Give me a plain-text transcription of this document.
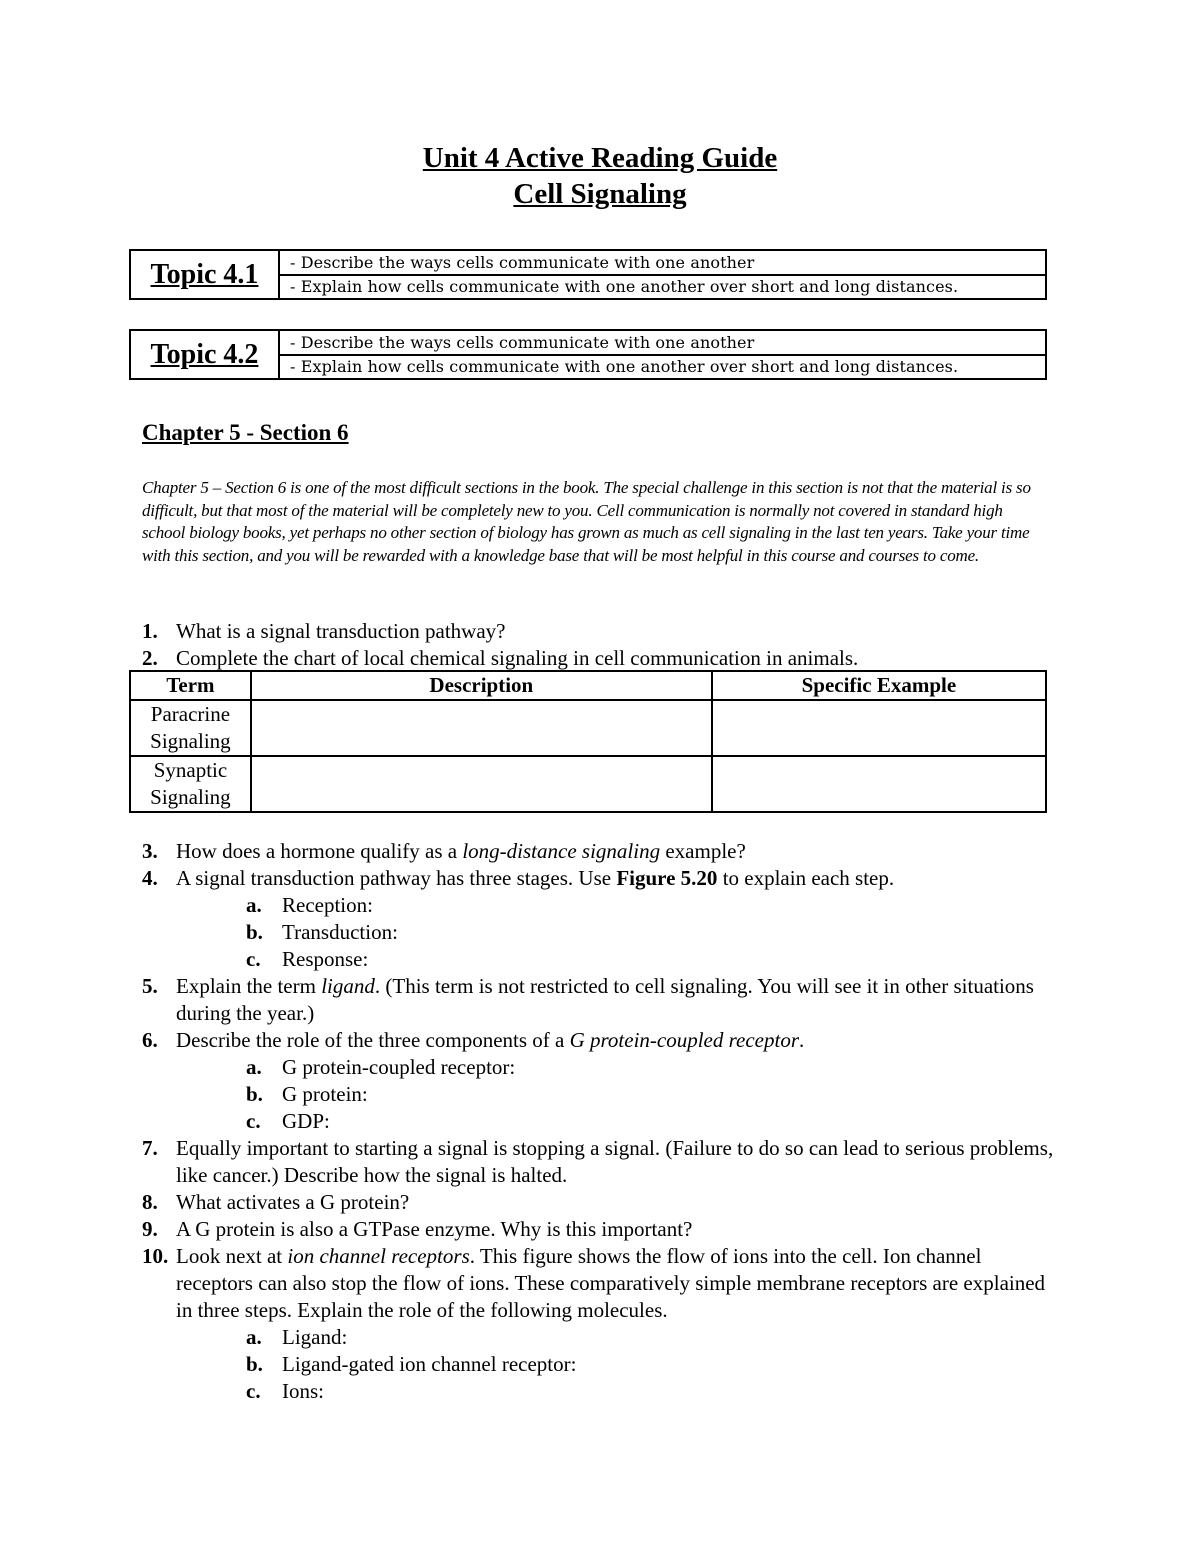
Unit 4 Active Reading Guide
Cell Signaling
Topic 4.1	- Describe the ways cells communicate with one another
- Explain how cells communicate with one another over short and long distances.
Topic 4.2	- Describe the ways cells communicate with one another
- Explain how cells communicate with one another over short and long distances.
Chapter 5 - Section 6
Chapter 5 – Section 6 is one of the most difficult sections in the book. The special challenge in this section is not that the material is so difficult, but that most of the material will be completely new to you. Cell communication is normally not covered in standard high school biology books, yet perhaps no other section of biology has grown as much as cell signaling in the last ten years. Take your time with this section, and you will be rewarded with a knowledge base that will be most helpful in this course and courses to come.
1. What is a signal transduction pathway?
2. Complete the chart of local chemical signaling in cell communication in animals.
Term	Description	Specific Example

Paracrine
Signaling		

Synaptic
Signaling		

3. How does a hormone qualify as a long-distance signaling example?
4. A signal transduction pathway has three stages. Use Figure 5.20 to explain each step.
a. Reception:
b. Transduction:
c.	Response:
5. Explain the term ligand. (This term is not restricted to cell signaling. You will see it in other situations during the year.)
6. Describe the role of the three components of a G protein-coupled receptor.
a. G protein-coupled receptor:
b. G protein:
c.	GDP:
7. Equally important to starting a signal is stopping a signal. (Failure to do so can lead to serious problems, like cancer.) Describe how the signal is halted.
8. What activates a G protein?
9. A G protein is also a GTPase enzyme. Why is this important?
10. Look next at ion channel receptors. This figure shows the flow of ions into the cell. Ion channel receptors can also stop the flow of ions. These comparatively simple membrane receptors are explained in three steps. Explain the role of the following molecules.
a. Ligand:
b. Ligand-gated ion channel receptor:
c.	Ions:
